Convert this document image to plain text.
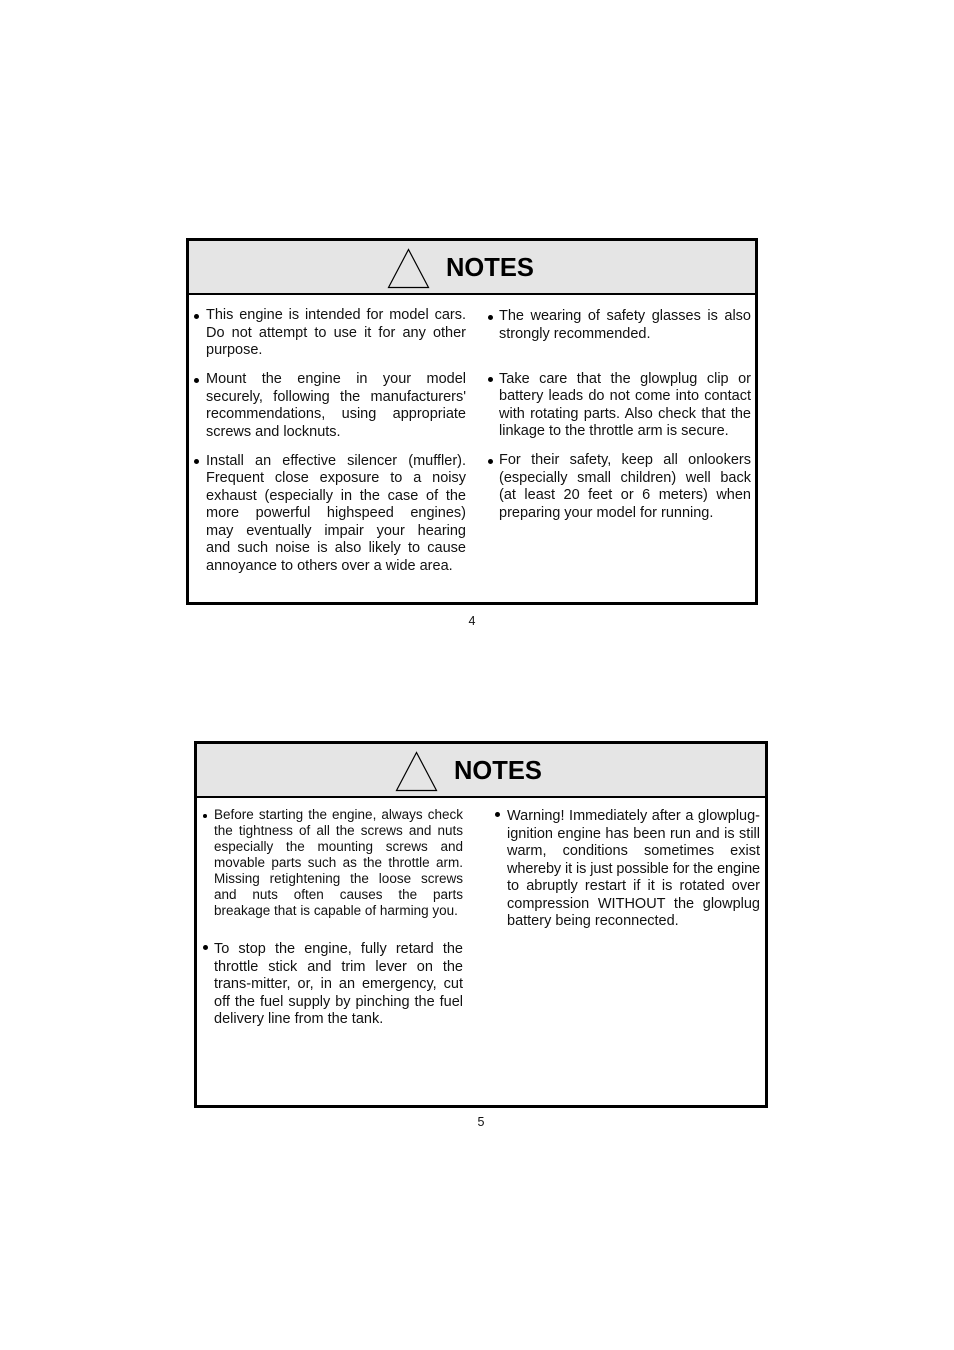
NOTES
This engine is intended for model cars.
Do not attempt to use it for any other
purpose.
Mount the engine in your model
securely, following the manufacturers'
recommendations, using appropriate
screws and locknuts.
Install an effective silencer (muffler).
Frequent close exposure to a noisy
exhaust (especially in the case of the
more powerful highspeed engines)
may eventually impair your hearing
and such noise is also likely to cause
annoyance to others over a wide area.
The wearing of safety glasses is also
strongly recommended.
Take care that the glowplug clip or
battery leads do not come into contact
with rotating parts. Also check that the
linkage to the throttle arm is secure.
For their safety, keep all onlookers
(especially small children) well back
(at least 20 feet or 6 meters) when
preparing your model for running.
4
NOTES
Before starting the engine, always check
the tightness of all the screws and nuts
especially the mounting screws and
movable parts such as the throttle arm.
Missing retightening the loose screws
and nuts often causes the parts
breakage that is capable of harming you.
To stop the engine, fully retard the
throttle stick and trim lever on the
trans-mitter, or, in an emergency, cut
off the fuel supply by pinching the fuel
delivery line from the tank.
Warning! Immediately after a glowplug-
ignition engine has been run and is still
warm, conditions sometimes exist
whereby it is just possible for the engine
to abruptly restart if it is rotated over
compression WITHOUT the glowplug
battery being reconnected.
5
